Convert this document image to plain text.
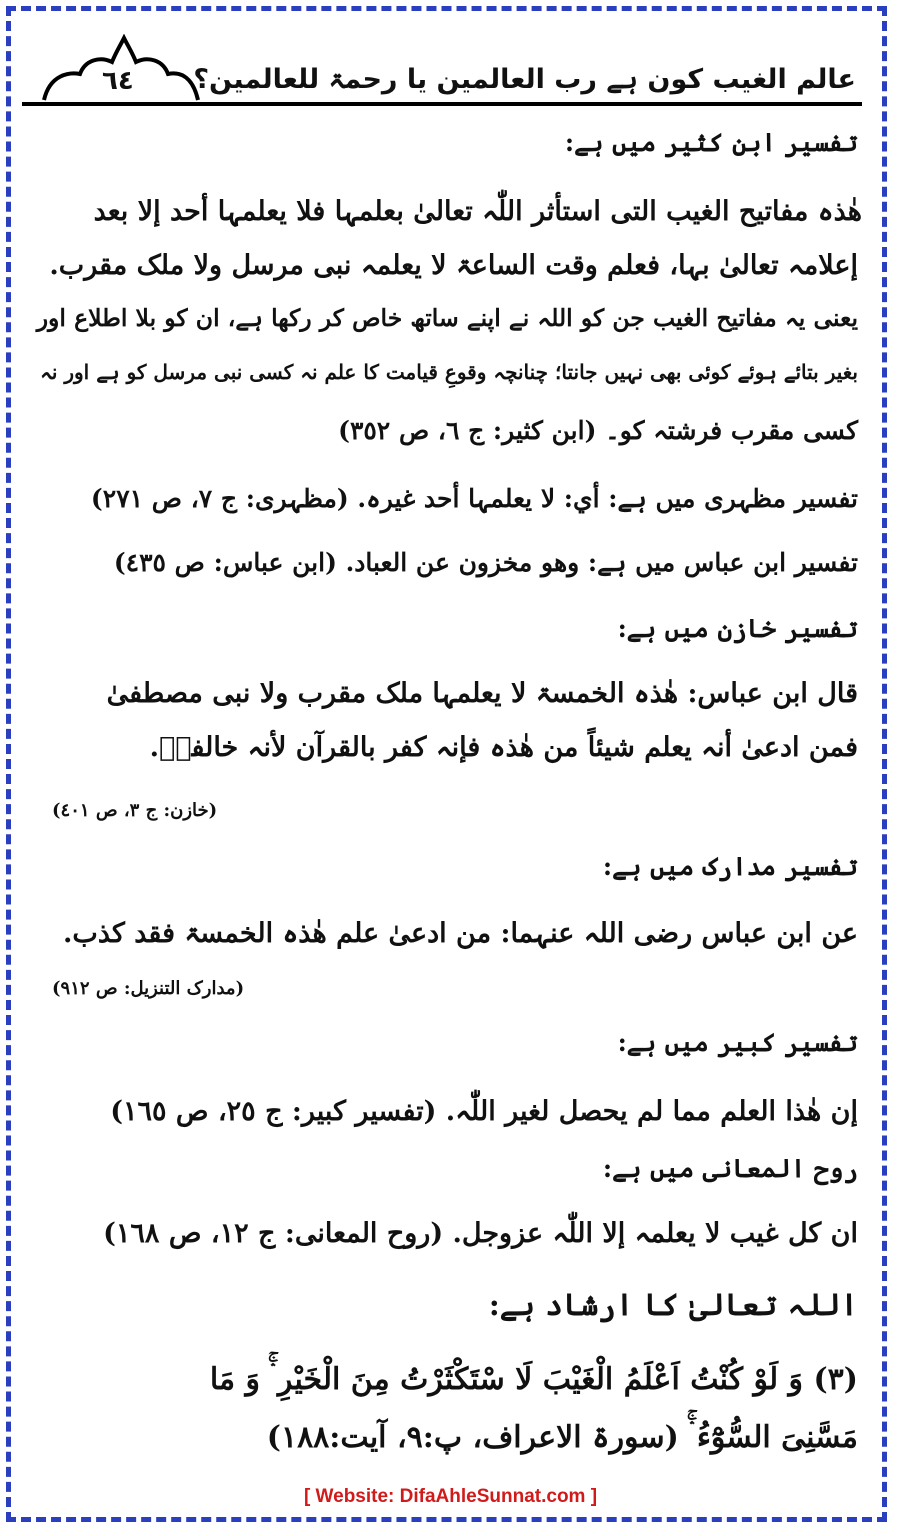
٦٤ عالم الغیب کون ہے رب العالمین یا رحمۃ للعالمین؟
تفسیر ابن کثیر میں ہے:
ھٰذہ مفاتیح الغیب التی استأثر اللّٰہ تعالیٰ بعلمہا فلا یعلمہا أحد إلا بعد
إعلامہ تعالیٰ بہا، فعلم وقت الساعۃ لا یعلمہ نبی مرسل ولا ملک مقرب.
یعنی یہ مفاتیح الغیب جن کو اللہ نے اپنے ساتھ خاص کر رکھا ہے، ان کو بلا اطلاع اور
بغیر بتائے ہوئے کوئی بھی نہیں جانتا؛ چنانچہ وقوعِ قیامت کا علم نہ کسی نبی مرسل کو ہے اور نہ
کسی مقرب فرشتہ کو۔ (ابن کثیر: ج ٦، ص ٣٥٢)
تفسیر مظہری میں ہے: أي: لا یعلمہا أحد غیرہ. (مظہری: ج ٧، ص ٢٧١)
تفسیر ابن عباس میں ہے: وھو مخزون عن العباد. (ابن عباس: ص ٤٣٥)
تفسیر خازن میں ہے:
قال ابن عباس: ھٰذہ الخمسۃ لا یعلمہا ملک مقرب ولا نبی مصطفیٰ
فمن ادعیٰ أنہ یعلم شیئاً من ھٰذہ فإنہ کفر بالقرآن لأنہ خالفہٗ.
(خازن: ج ٣، ص ٤٠١)
تفسیر مدارک میں ہے:
عن ابن عباس رضی اللہ عنہما: من ادعیٰ علم ھٰذہ الخمسۃ فقد کذب.
(مدارک التنزیل: ص ٩١٢)
تفسیر کبیر میں ہے:
إن ھٰذا العلم مما لم یحصل لغیر اللّٰہ. (تفسیر کبیر: ج ٢٥، ص ١٦٥)
روح المعانی میں ہے:
ان کل غیب لا یعلمہ إلا اللّٰہ عزوجل. (روح المعانی: ج ١٢، ص ١٦٨)
اللہ تعالیٰ کا ارشاد ہے:
(٣) وَ لَوْ كُنْتُ اَعْلَمُ الْغَیْبَ لَا سْتَكْثَرْتُ مِنَ الْخَیْرِ ۛۚ وَ مَا
مَسَّنِیَ السُّوْٓءُ ۛۚ (سورۃ الاعراف، پ:٩، آیت:١٨٨)
[ Website: DifaAhleSunnat.com ]
